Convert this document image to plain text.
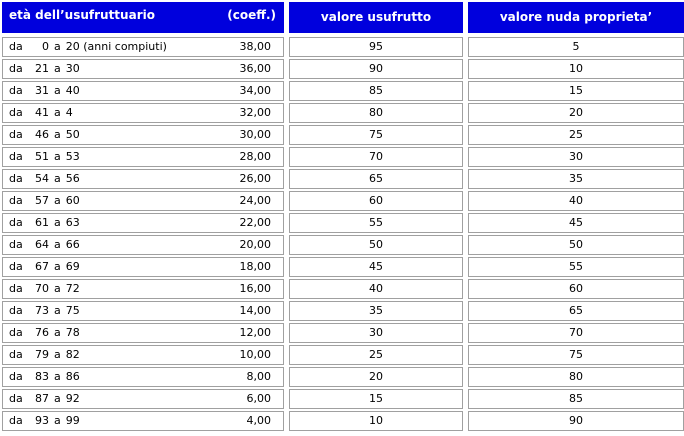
età dell’usufruttuario	(coeff.)	valore usufrutto	valore nuda proprieta’
da	0 a 20 (anni compiuti)	38,00	95	5
da	21 a 30	36,00	90	10
da	31 a 40	34,00	85	15
da	41 a 4	32,00	80	20
da	46 a 50	30,00	75	25
da	51 a 53	28,00	70	30
da	54 a 56	26,00	65	35
da	57 a 60	24,00	60	40
da	61 a 63	22,00	55	45
da	64 a 66	20,00	50	50
da	67 a 69	18,00	45	55
da	70 a 72	16,00	40	60
da	73 a 75	14,00	35	65
da	76 a 78	12,00	30	70
da	79 a 82	10,00	25	75
da	83 a 86	8,00	20	80
da	87 a 92	6,00	15	85
da	93 a 99	4,00	10	90
